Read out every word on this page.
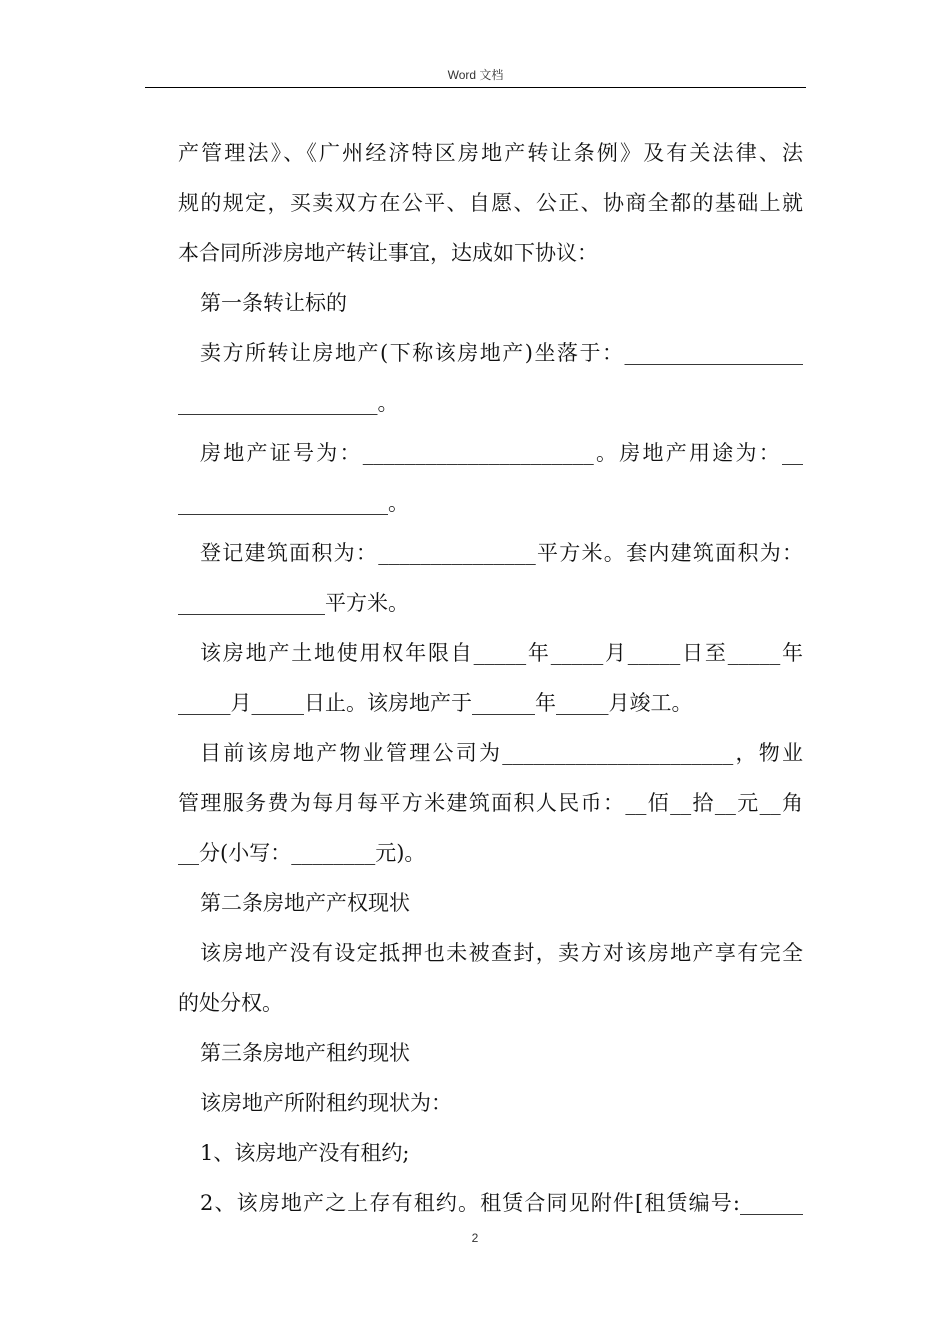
Word 文档
产管理法》、《广州经济特区房地产转让条例》及有关法律、法
规的规定，买卖双方在公平、自愿、公正、协商全都的基础上就
本合同所涉房地产转让事宜，达成如下协议：
第一条转让标的
卖方所转让房地产(下称该房地产)坐落于：_________________
___________________。
房地产证号为：______________________。房地产用途为：__
____________________。
登记建筑面积为：_______________平方米。套内建筑面积为：
______________平方米。
该房地产土地使用权年限自_____年_____月_____日至_____年
_____月_____日止。该房地产于______年_____月竣工。
目前该房地产物业管理公司为______________________，物业
管理服务费为每月每平方米建筑面积人民币：__佰__拾__元__角
__分(小写：________元)。
第二条房地产产权现状
该房地产没有设定抵押也未被查封，卖方对该房地产享有完全
的处分权。
第三条房地产租约现状
该房地产所附租约现状为：
1、该房地产没有租约;
2、该房地产之上存有租约。租赁合同见附件[租赁编号:______
2
